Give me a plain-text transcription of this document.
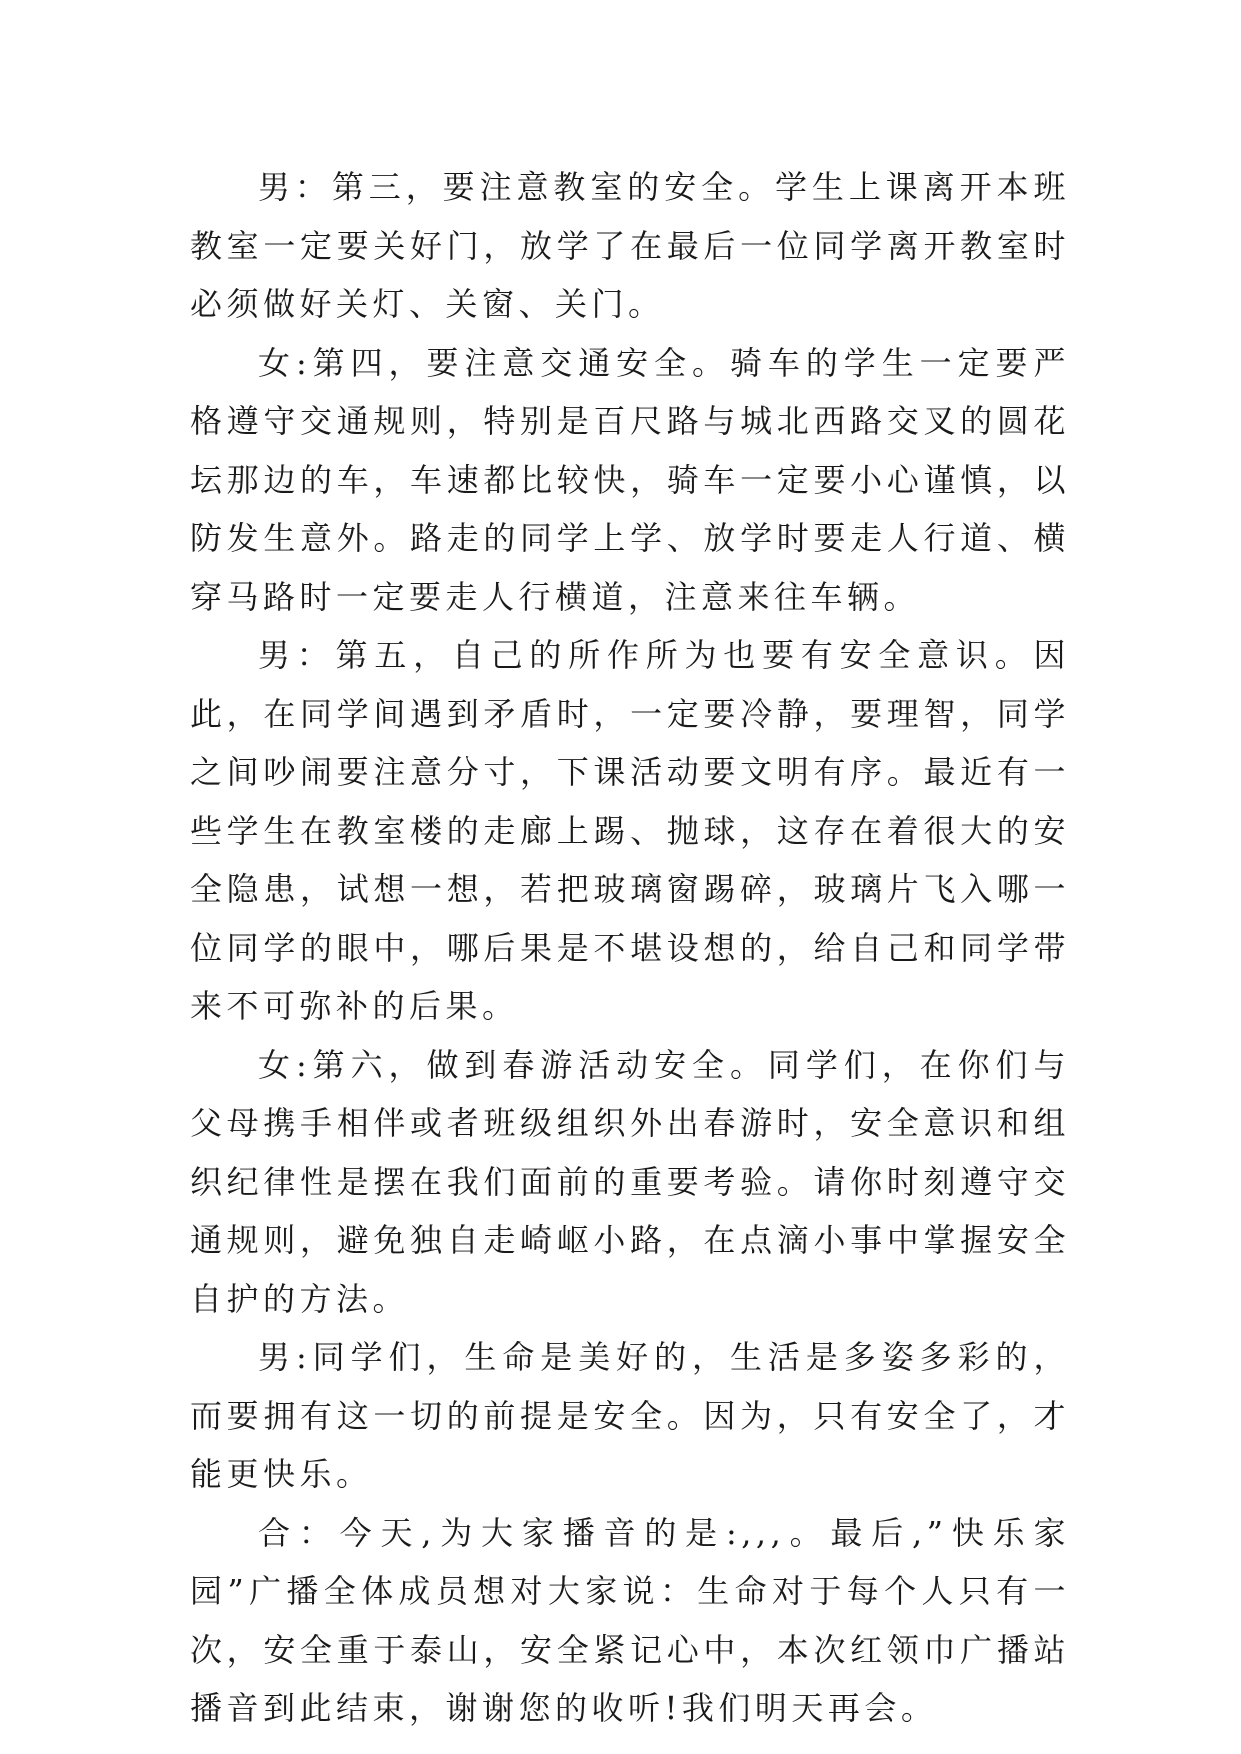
男：第三，要注意教室的安全。学生上课离开本班教室一定要关好门，放学了在最后一位同学离开教室时必须做好关灯、关窗、关门。

女:第四，要注意交通安全。骑车的学生一定要严格遵守交通规则，特别是百尺路与城北西路交叉的圆花坛那边的车，车速都比较快，骑车一定要小心谨慎，以防发生意外。路走的同学上学、放学时要走人行道、横穿马路时一定要走人行横道，注意来往车辆。

男：第五，自己的所作所为也要有安全意识。因此，在同学间遇到矛盾时，一定要冷静，要理智，同学之间吵闹要注意分寸，下课活动要文明有序。最近有一些学生在教室楼的走廊上踢、抛球，这存在着很大的安全隐患，试想一想，若把玻璃窗踢碎，玻璃片飞入哪一位同学的眼中，哪后果是不堪设想的，给自己和同学带来不可弥补的后果。

女:第六，做到春游活动安全。同学们，在你们与父母携手相伴或者班级组织外出春游时，安全意识和组织纪律性是摆在我们面前的重要考验。请你时刻遵守交通规则，避免独自走崎岖小路，在点滴小事中掌握安全自护的方法。

男:同学们，生命是美好的，生活是多姿多彩的，而要拥有这一切的前提是安全。因为，只有安全了，才能更快乐。

合：今天,为大家播音的是:,,,。最后,”快乐家园”广播全体成员想对大家说：生命对于每个人只有一次，安全重于泰山，安全紧记心中，本次红领巾广播站播音到此结束，谢谢您的收听!我们明天再会。
